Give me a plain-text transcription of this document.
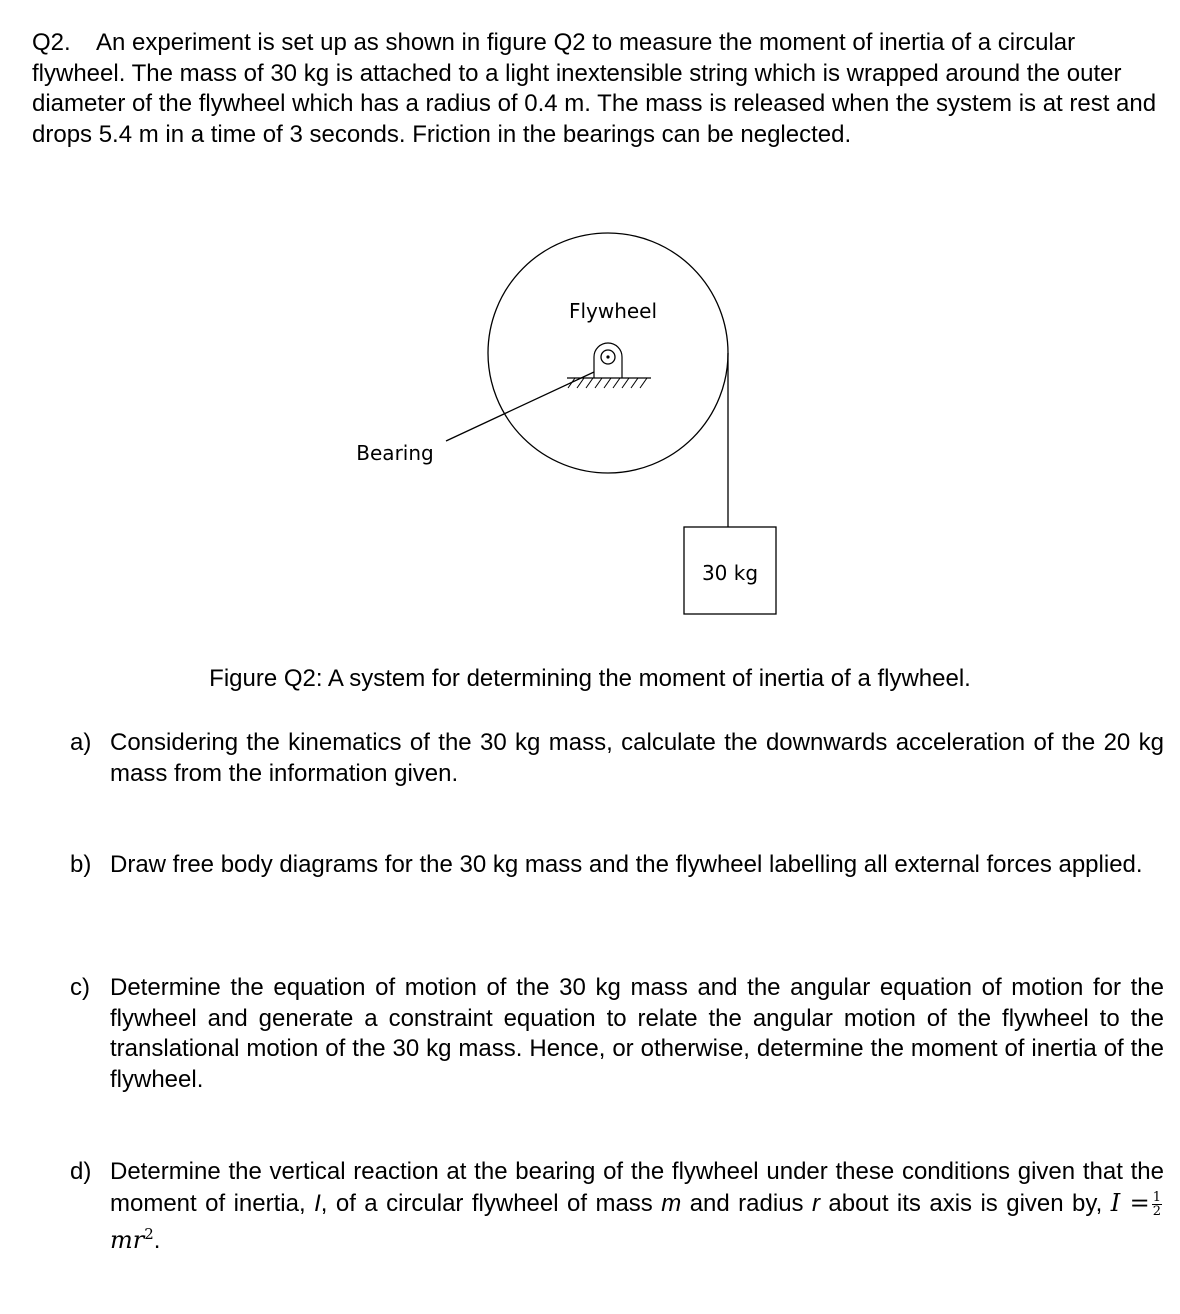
Q2. An experiment is set up as shown in figure Q2 to measure the moment of inertia of a circular flywheel. The mass of 30 kg is attached to a light inextensible string which is wrapped around the outer diameter of the flywheel which has a radius of 0.4 m. The mass is released when the system is at rest and drops 5.4 m in a time of 3 seconds. Friction in the bearings can be neglected.

Flywheel
Bearing
30 kg

Figure Q2: A system for determining the moment of inertia of a flywheel.

a) Considering the kinematics of the 30 kg mass, calculate the downwards acceleration of the 20 kg mass from the information given.
b) Draw free body diagrams for the 30 kg mass and the flywheel labelling all external forces applied.
c) Determine the equation of motion of the 30 kg mass and the angular equation of motion for the flywheel and generate a constraint equation to relate the angular motion of the flywheel to the translational motion of the 30 kg mass. Hence, or otherwise, determine the moment of inertia of the flywheel.
d) Determine the vertical reaction at the bearing of the flywheel under these conditions given that the moment of inertia, I, of a circular flywheel of mass m and radius r about its axis is given by, $I = \frac{1}{2}$
$mr^2$.
